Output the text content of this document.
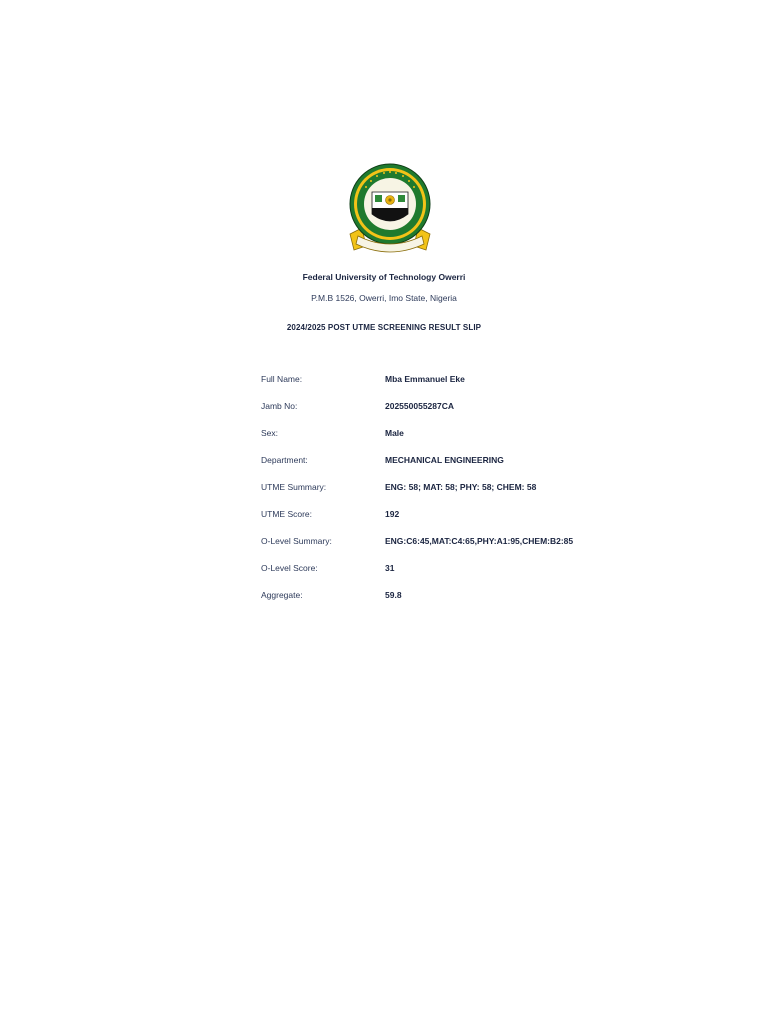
Federal University of Technology Owerri
P.M.B 1526, Owerri, Imo State, Nigeria
2024/2025 POST UTME SCREENING RESULT SLIP
Full Name:	Mba Emmanuel Eke
Jamb No:	202550055287CA
Sex:	Male
Department:	MECHANICAL ENGINEERING
UTME Summary:	ENG: 58; MAT: 58; PHY: 58; CHEM: 58
UTME Score:	192
O-Level Summary:	ENG:C6:45,MAT:C4:65,PHY:A1:95,CHEM:B2:85
O-Level Score:	31
Aggregate:	59.8
